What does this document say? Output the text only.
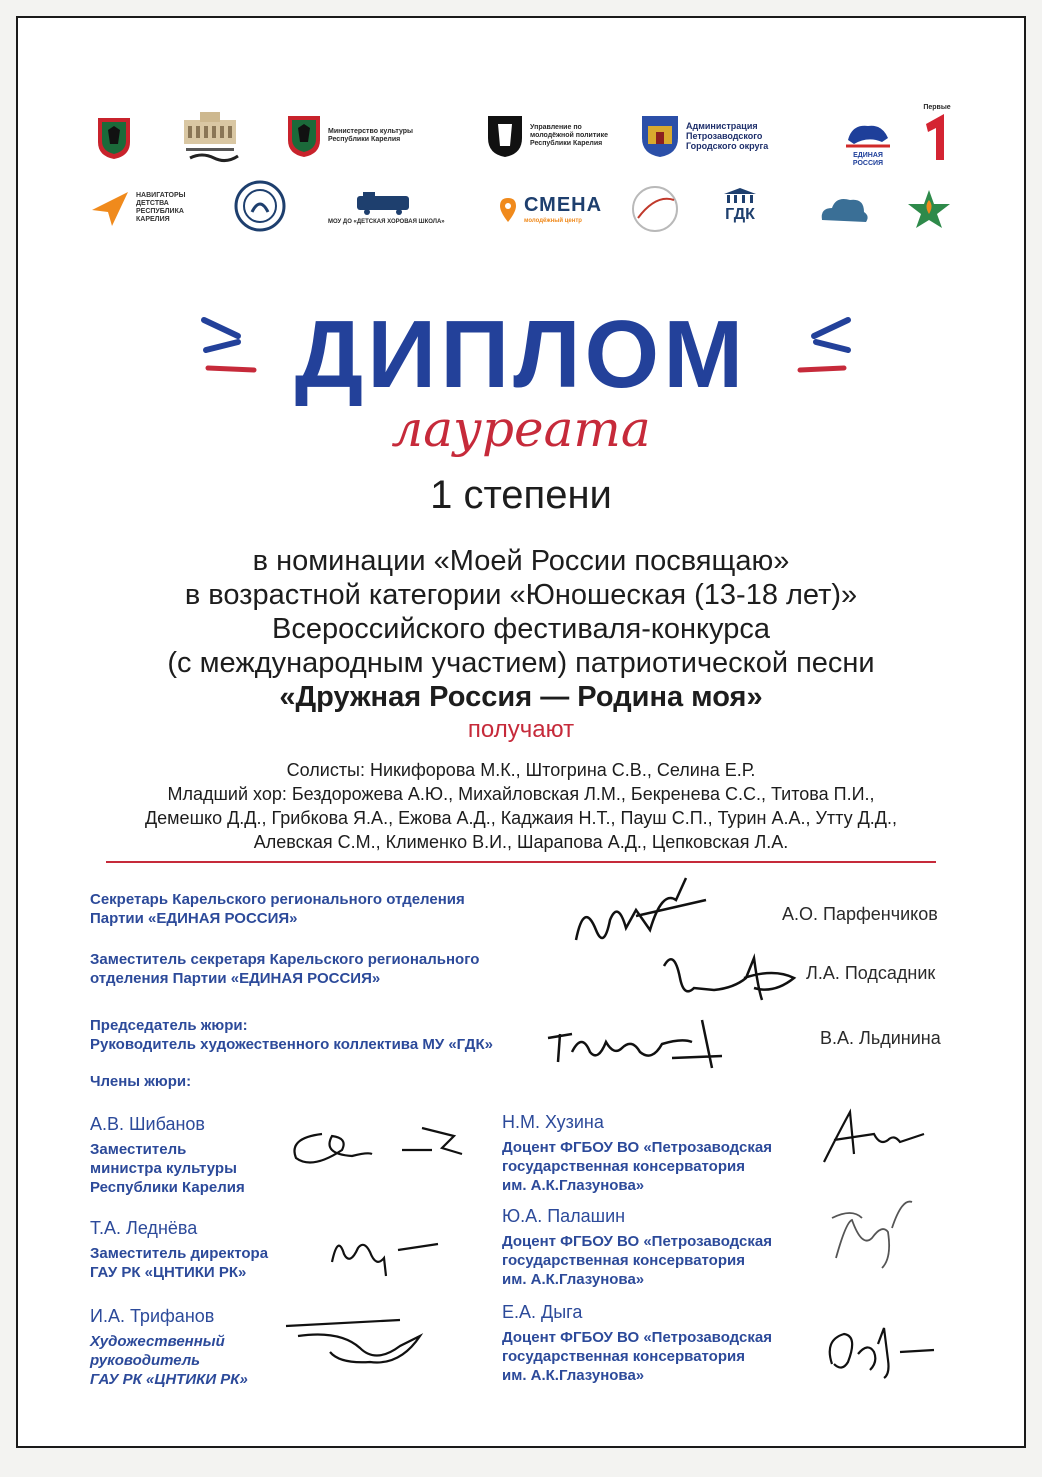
Министерство культуры Республики Карелия
Управление по молодёжной политике Республики Карелия
Администрация Петрозаводского Городского округа
ЕДИНАЯ РОССИЯ
Первые
НАВИГАТОРЫ ДЕТСТВА РЕСПУБЛИКА КАРЕЛИЯ	МОУ ДО «ДЕТСКАЯ ХОРОВАЯ ШКОЛА»
СМЕНА
молодёжный центр	ГДК
ДИПЛОМ
лауреата
1 степени
в номинации «Моей России посвящаю»
в возрастной категории «Юношеская (13-18 лет)»
Всероссийского фестиваля-конкурса
(с международным участием) патриотической песни
«Дружная Россия — Родина моя»
получают
Солисты: Никифорова М.К., Штогрина С.В., Селина Е.Р.
Младший хор: Бездорожева А.Ю., Михайловская Л.М., Бекренева С.С., Титова П.И.,
Демешко Д.Д., Грибкова Я.А., Ежова А.Д., Каджаия Н.Т., Пауш С.П., Турин А.А., Утту Д.Д.,
Алевская С.М., Клименко В.И., Шарапова А.Д., Цепковская Л.А.
Секретарь Карельского регионального отделения
Партии «ЕДИНАЯ РОССИЯ»	А.О. Парфенчиков
Заместитель секретаря Карельского регионального
отделения Партии «ЕДИНАЯ РОССИЯ»	Л.А. Подсадник
Председатель жюри:
Руководитель художественного коллектива МУ «ГДК»	В.А. Льдинина
Члены жюри:
А.В. Шибанов
Заместитель
министра культуры
Республики Карелия
Т.А. Леднёва
Заместитель директора
ГАУ РК «ЦНТИКИ РК»
И.А. Трифанов
Художественный
руководитель
ГАУ РК «ЦНТИКИ РК»
Н.М. Хузина
Доцент ФГБОУ ВО «Петрозаводская
государственная консерватория
им. А.К.Глазунова»
Ю.А. Палашин
Доцент ФГБОУ ВО «Петрозаводская
государственная консерватория
им. А.К.Глазунова»
Е.А. Дыга
Доцент ФГБОУ ВО «Петрозаводская
государственная консерватория
им. А.К.Глазунова»
